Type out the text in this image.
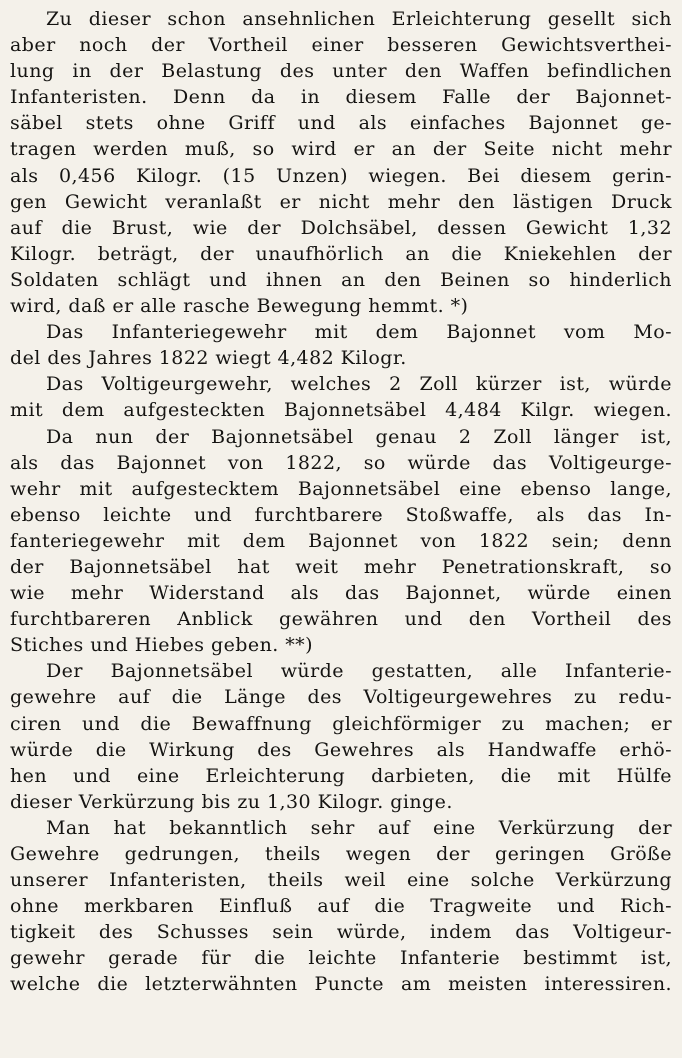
Zu dieser schon ansehnlichen Erleichterung gesellt sich
aber noch der Vortheil einer besseren Gewichtsverthei-
lung in der Belastung des unter den Waffen befindlichen
Infanteristen. Denn da in diesem Falle der Bajonnet-
säbel stets ohne Griff und als einfaches Bajonnet ge-
tragen werden muß, so wird er an der Seite nicht mehr
als 0,456 Kilogr. (15 Unzen) wiegen. Bei diesem gerin-
gen Gewicht veranlaßt er nicht mehr den lästigen Druck
auf die Brust, wie der Dolchsäbel, dessen Gewicht 1,32
Kilogr. beträgt, der unaufhörlich an die Kniekehlen der
Soldaten schlägt und ihnen an den Beinen so hinderlich
wird, daß er alle rasche Bewegung hemmt. *)

Das Infanteriegewehr mit dem Bajonnet vom Mo-
del des Jahres 1822 wiegt 4,482 Kilogr.

Das Voltigeurgewehr, welches 2 Zoll kürzer ist, würde
mit dem aufgesteckten Bajonnetsäbel 4,484 Kilgr. wiegen.

Da nun der Bajonnetsäbel genau 2 Zoll länger ist,
als das Bajonnet von 1822, so würde das Voltigeurge-
wehr mit aufgestecktem Bajonnetsäbel eine ebenso lange,
ebenso leichte und furchtbarere Stoßwaffe, als das In-
fanteriegewehr mit dem Bajonnet von 1822 sein; denn
der Bajonnetsäbel hat weit mehr Penetrationskraft, so
wie mehr Widerstand als das Bajonnet, würde einen
furchtbareren Anblick gewähren und den Vortheil des
Stiches und Hiebes geben. **)

Der Bajonnetsäbel würde gestatten, alle Infanterie-
gewehre auf die Länge des Voltigeurgewehres zu redu-
ciren und die Bewaffnung gleichförmiger zu machen; er
würde die Wirkung des Gewehres als Handwaffe erhö-
hen und eine Erleichterung darbieten, die mit Hülfe
dieser Verkürzung bis zu 1,30 Kilogr. ginge.

Man hat bekanntlich sehr auf eine Verkürzung der
Gewehre gedrungen, theils wegen der geringen Größe
unserer Infanteristen, theils weil eine solche Verkürzung
ohne merkbaren Einfluß auf die Tragweite und Rich-
tigkeit des Schusses sein würde, indem das Voltigeur-
gewehr gerade für die leichte Infanterie bestimmt ist,
welche die letzterwähnten Puncte am meisten interessiren.
